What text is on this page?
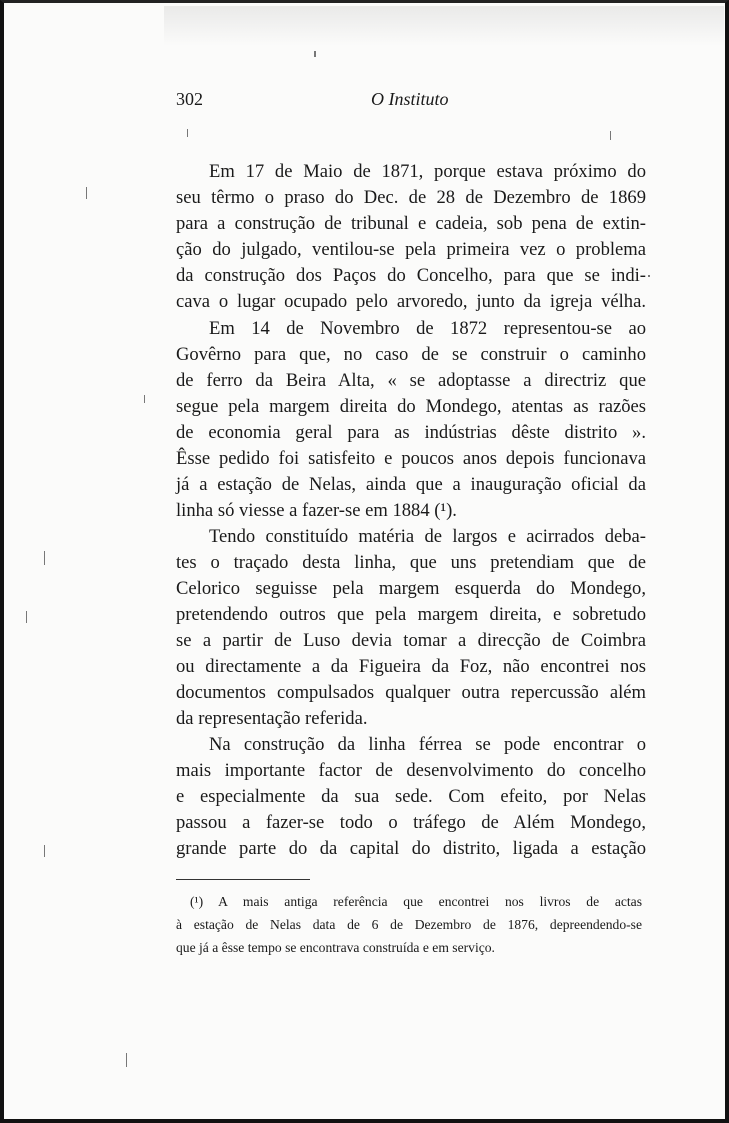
302	O Instituto

Em 17 de Maio de 1871, porque estava próximo do

seu têrmo o praso do Dec. de 28 de Dezembro de 1869

para a construção de tribunal e cadeia, sob pena de extin-

ção do julgado, ventilou-se pela primeira vez o problema

da construção dos Paços do Concelho, para que se indi-

cava o lugar ocupado pelo arvoredo, junto da igreja vélha.

Em 14 de Novembro de 1872 representou-se ao

Govêrno para que, no caso de se construir o caminho

de ferro da Beira Alta, « se adoptasse a directriz que

segue pela margem direita do Mondego, atentas as razões

de economia geral para as indústrias dêste distrito ».

Êsse pedido foi satisfeito e poucos anos depois funcionava

já a estação de Nelas, ainda que a inauguração oficial da

linha só viesse a fazer-se em 1884 (¹).

Tendo constituído matéria de largos e acirrados deba-

tes o traçado desta linha, que uns pretendiam que de

Celorico seguisse pela margem esquerda do Mondego,

pretendendo outros que pela margem direita, e sobretudo

se a partir de Luso devia tomar a direcção de Coimbra

ou directamente a da Figueira da Foz, não encontrei nos

documentos compulsados qualquer outra repercussão além

da representação referida.

Na construção da linha férrea se pode encontrar o

mais importante factor de desenvolvimento do concelho

e especialmente da sua sede. Com efeito, por Nelas

passou a fazer-se todo o tráfego de Além Mondego,

grande parte do da capital do distrito, ligada a estação

(¹) A mais antiga referência que encontrei nos livros de actas

à estação de Nelas data de 6 de Dezembro de 1876, depreendendo-se

que já a êsse tempo se encontrava construída e em serviço.
